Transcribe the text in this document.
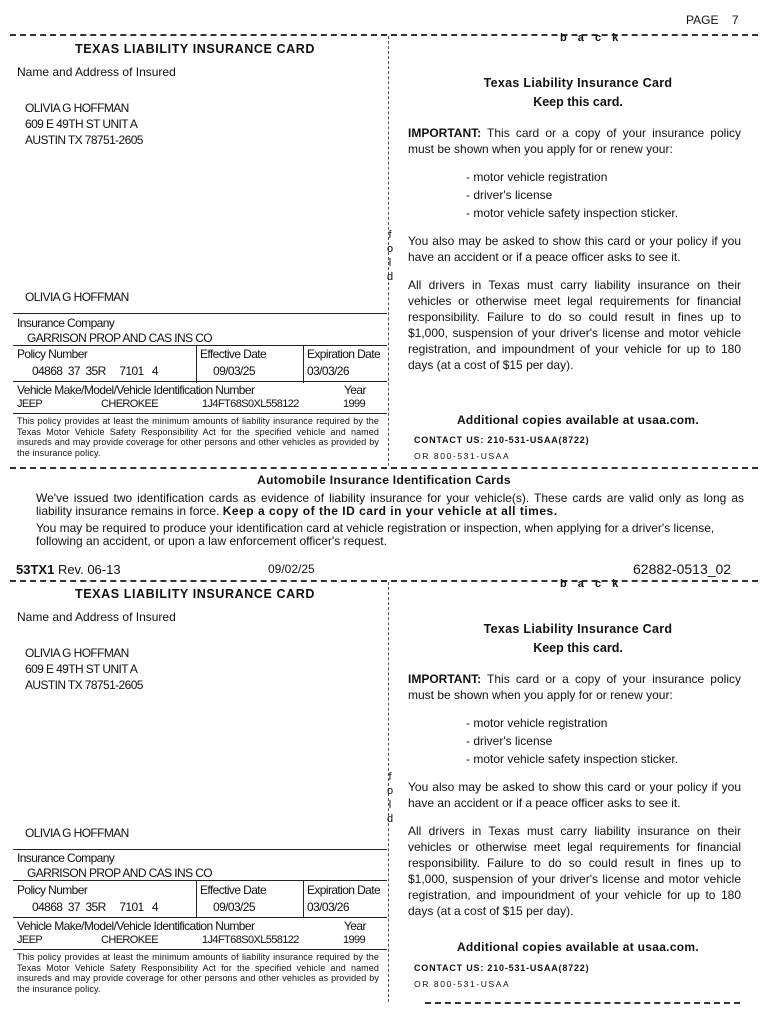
PAGE 7
TEXAS LIABILITY INSURANCE CARD
Name and Address of Insured
OLIVIA G HOFFMAN
609 E 49TH ST UNIT A
AUSTIN TX 78751-2605
OLIVIA G HOFFMAN
Insurance Company
GARRISON PROP AND CAS INS CO
Policy Number	Effective Date	Expiration Date
04868  37  35R     7101   4	09/03/25	03/03/26
Vehicle Make/Model/Vehicle Identification Number	Year
JEEP	CHEROKEE	1J4FT68S0XL558122	1999
This policy provides at least the minimum amounts of liability insurance required by the Texas Motor Vehicle Safety Responsibility Act for the specified vehicle and named insureds and may provide coverage for other persons and other vehicles as provided by the insurance policy.
f
o
l
d
b a c k
Texas Liability Insurance Card
Keep this card.
IMPORTANT: This card or a copy of your insurance policy must be shown when you apply for or renew your:
- motor vehicle registration
- driver's license
- motor vehicle safety inspection sticker.
You also may be asked to show this card or your policy if you have an accident or if a peace officer asks to see it.
All drivers in Texas must carry liability insurance on their vehicles or otherwise meet legal requirements for financial responsibility. Failure to do so could result in fines up to $1,000, suspension of your driver's license and motor vehicle registration, and impoundment of your vehicle for up to 180 days (at a cost of $15 per day).
Additional copies available at usaa.com.
CONTACT US: 210-531-USAA(8722)
OR 800-531-USAA
Automobile Insurance Identification Cards

We've issued two identification cards as evidence of liability insurance for your vehicle(s). These cards are valid only as long as liability insurance remains in force. Keep a copy of the ID card in your vehicle at all times.

You may be required to produce your identification card at vehicle registration or inspection, when applying for a driver's license, following an accident, or upon a law enforcement officer's request.

53TX1 Rev. 06-13	09/02/25	62882-0513_02
TEXAS LIABILITY INSURANCE CARD
Name and Address of Insured
OLIVIA G HOFFMAN
609 E 49TH ST UNIT A
AUSTIN TX 78751-2605
OLIVIA G HOFFMAN
Insurance Company
GARRISON PROP AND CAS INS CO
Policy Number	Effective Date	Expiration Date
04868  37  35R     7101   4	09/03/25	03/03/26
Vehicle Make/Model/Vehicle Identification Number	Year
JEEP	CHEROKEE	1J4FT68S0XL558122	1999
This policy provides at least the minimum amounts of liability insurance required by the Texas Motor Vehicle Safety Responsibility Act for the specified vehicle and named insureds and may provide coverage for other persons and other vehicles as provided by the insurance policy.
f
o
l
d
b a c k
Texas Liability Insurance Card
Keep this card.
IMPORTANT: This card or a copy of your insurance policy must be shown when you apply for or renew your:
- motor vehicle registration
- driver's license
- motor vehicle safety inspection sticker.
You also may be asked to show this card or your policy if you have an accident or if a peace officer asks to see it.
All drivers in Texas must carry liability insurance on their vehicles or otherwise meet legal requirements for financial responsibility. Failure to do so could result in fines up to $1,000, suspension of your driver's license and motor vehicle registration, and impoundment of your vehicle for up to 180 days (at a cost of $15 per day).
Additional copies available at usaa.com.
CONTACT US: 210-531-USAA(8722)
OR 800-531-USAA
